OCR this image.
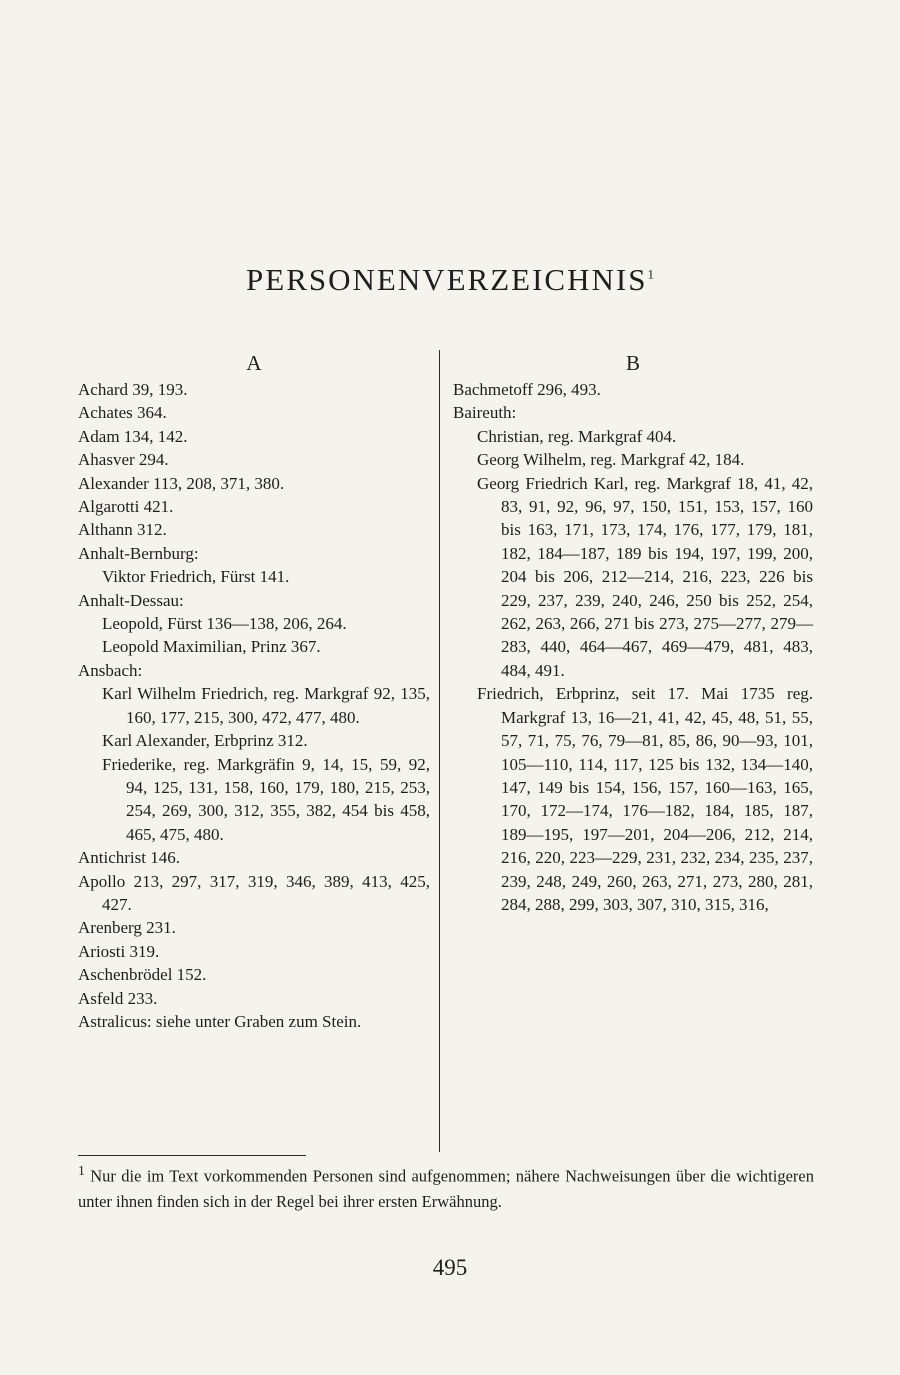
PERSONENVERZEICHNIS$^1$
A
Achard 39, 193.
Achates 364.
Adam 134, 142.
Ahasver 294.
Alexander 113, 208, 371, 380.
Algarotti 421.
Althann 312.
Anhalt-Bernburg:
Viktor Friedrich, Fürst 141.
Anhalt-Dessau:
Leopold, Fürst 136—138, 206, 264.
Leopold Maximilian, Prinz 367.
Ansbach:
Karl Wilhelm Friedrich, reg. Markgraf 92, 135, 160, 177, 215, 300, 472, 477, 480.
Karl Alexander, Erbprinz 312.
Friederike, reg. Markgräfin 9, 14, 15, 59, 92, 94, 125, 131, 158, 160, 179, 180, 215, 253, 254, 269, 300, 312, 355, 382, 454 bis 458, 465, 475, 480.
Antichrist 146.
Apollo 213, 297, 317, 319, 346, 389, 413, 425, 427.
Arenberg 231.
Ariosti 319.
Aschenbrödel 152.
Asfeld 233.
Astralicus: siehe unter Graben zum Stein.
B
Bachmetoff 296, 493.
Baireuth:
Christian, reg. Markgraf 404.
Georg Wilhelm, reg. Markgraf 42, 184.
Georg Friedrich Karl, reg. Markgraf 18, 41, 42, 83, 91, 92, 96, 97, 150, 151, 153, 157, 160 bis 163, 171, 173, 174, 176, 177, 179, 181, 182, 184—187, 189 bis 194, 197, 199, 200, 204 bis 206, 212—214, 216, 223, 226 bis 229, 237, 239, 240, 246, 250 bis 252, 254, 262, 263, 266, 271 bis 273, 275—277, 279—283, 440, 464—467, 469—479, 481, 483, 484, 491.
Friedrich, Erbprinz, seit 17. Mai 1735 reg. Markgraf 13, 16—21, 41, 42, 45, 48, 51, 55, 57, 71, 75, 76, 79—81, 85, 86, 90—93, 101, 105—110, 114, 117, 125 bis 132, 134—140, 147, 149 bis 154, 156, 157, 160—163, 165, 170, 172—174, 176—182, 184, 185, 187, 189—195, 197—201, 204—206, 212, 214, 216, 220, 223—229, 231, 232, 234, 235, 237, 239, 248, 249, 260, 263, 271, 273, 280, 281, 284, 288, 299, 303, 307, 310, 315, 316,
$^1$ Nur die im Text vorkommenden Personen sind aufgenommen; nähere Nachweisungen über die wichtigeren unter ihnen finden sich in der Regel bei ihrer ersten Erwähnung.
495
